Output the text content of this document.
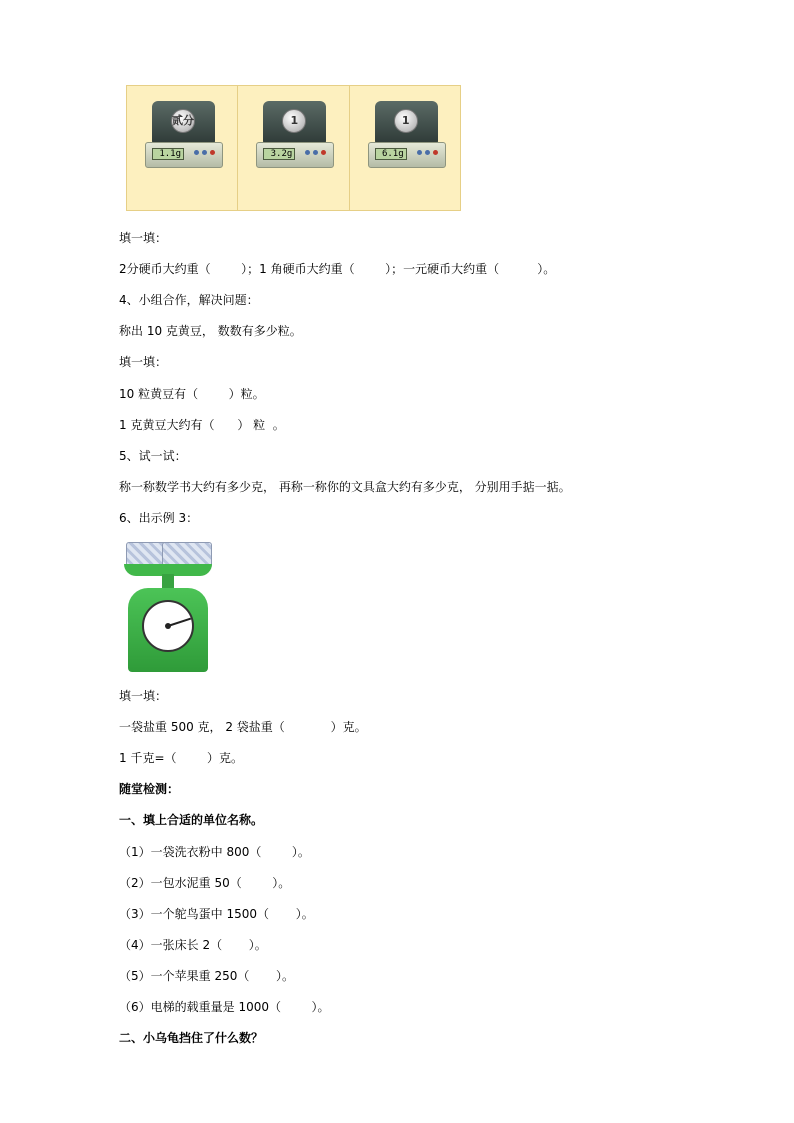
贰分
1.1g
1
3.2g
1
6.1g
填一填：
2分硬币大约重（        ）；1 角硬币大约重（        ）；一元硬币大约重（          ）。
4、小组合作，解决问题：
称出 10 克黄豆， 数数有多少粒。
填一填：
10 粒黄豆有（        ）粒。
1 克黄豆大约有（      ） 粒  。
5、试一试：
称一称数学书大约有多少克， 再称一称你的文具盒大约有多少克， 分别用手掂一掂。
6、出示例 3：
填一填：
一袋盐重 500 克， 2 袋盐重（            ）克。
1 千克=（        ）克。
随堂检测：
一、填上合适的单位名称。
（1）一袋洗衣粉中 800（        ）。
（2）一包水泥重 50（        ）。
（3）一个鸵鸟蛋中 1500（       ）。
（4）一张床长 2（       ）。
（5）一个苹果重 250（       ）。
（6）电梯的载重量是 1000（        ）。
二、小乌龟挡住了什么数？
